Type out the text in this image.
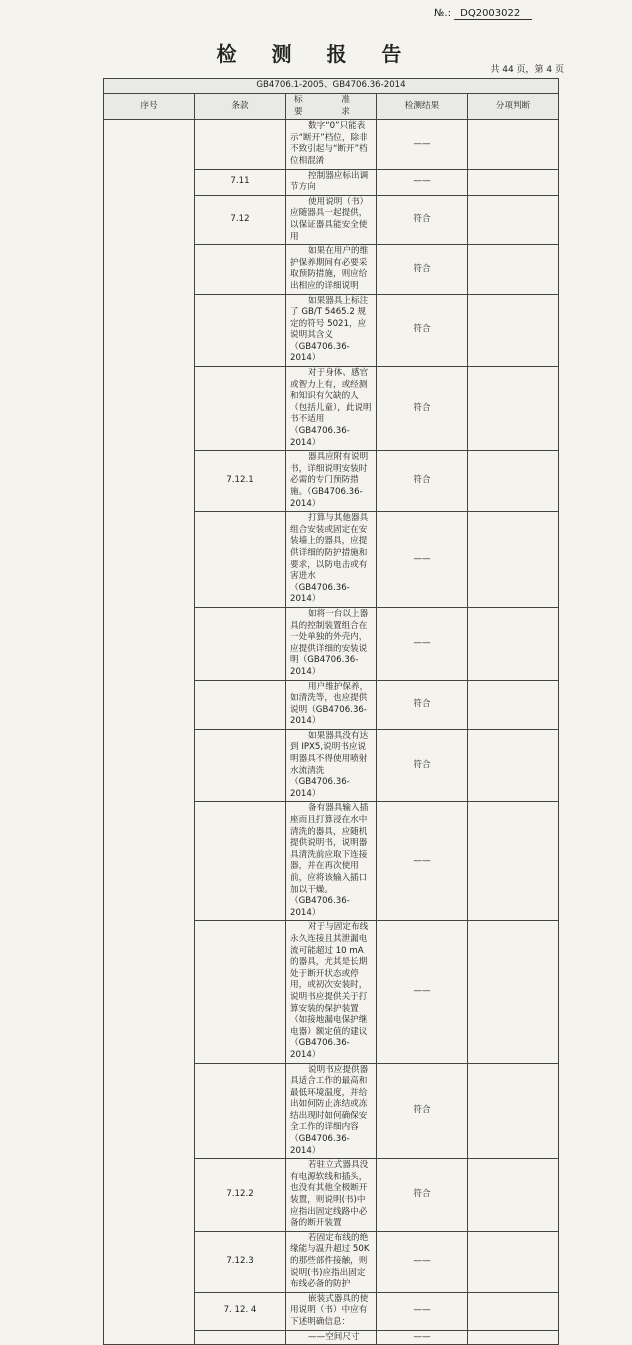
№.: DQ2003022
检 测 报 告
共 44 页，第 4 页
GB4706.1-2005、GB4706.36-2014				
序号	条款	标 准 要 求	检测结果	分项判断
		数字“0”只能表示“断开”档位，除非不致引起与“断开”档位相混淆	——	
	7.11	控制器应标出调节方向	——	
	7.12	使用说明（书）应随器具一起提供，以保证器具能安全使用	符合	
		如果在用户的维护保养期间有必要采取预防措施，则应给出相应的详细说明	符合	
		如果器具上标注了 GB/T 5465.2 规定的符号 5021，应说明其含义（GB4706.36-2014）	符合	
		对于身体、感官或智力上有，或经测和知识有欠缺的人（包括儿童），此说明书不适用（GB4706.36-2014）	符合	
	7.12.1	器具应附有说明书，详细说明安装时必需的专门预防措施。（GB4706.36-2014）	符合	
		打算与其他器具组合安装或固定在安装墙上的器具，应提供详细的防护措施和要求，以防电击或有害进水（GB4706.36-2014）	——	
		如将一台以上器具的控制装置组合在一处单独的外壳内，应提供详细的安装说明（GB4706.36-2014）	——	
		用户维护保养，如清洗等，也应提供说明（GB4706.36-2014）	符合	
		如果器具没有达到 IPX5,说明书应说明器具不得使用喷射水流清洗（GB4706.36-2014）	符合	
		备有器具输入插座而且打算浸在水中清洗的器具，应随机提供说明书，说明器具清洗前应取下连接器，并在再次使用前，应将该输入插口加以干燥。（GB4706.36-2014）	——	
		对于与固定布线永久连接且其泄漏电流可能超过 10 mA 的器具，尤其是长期处于断开状态或停用，或初次安装时，说明书应提供关于打算安装的保护装置（如接地漏电保护继电器）额定值的建议（GB4706.36-2014）	——	
		说明书应提供器具适合工作的最高和最低环境温度，并给出如何防止冻结或冻结出现时如何确保安全工作的详细内容（GB4706.36-2014）	符合	
	7.12.2	若驻立式器具没有电源软线和插头，也没有其他全极断开装置，则说明(书)中应指出固定线路中必备的断开装置	符合	
	7.12.3	若固定布线的绝缘能与温升超过 50K 的那些部件接触，则说明(书)应指出固定布线必备的防护	——	
	7. 12. 4	嵌装式器具的使用说明（书）中应有下述明确信息：	——	
		——空间尺寸	——	
